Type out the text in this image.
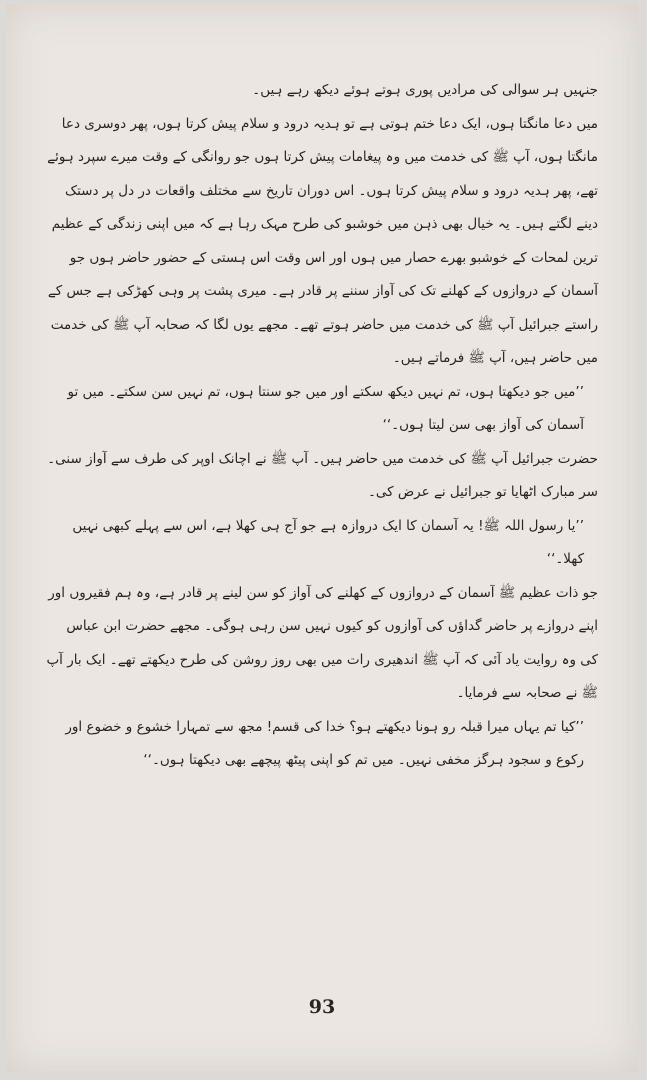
جنہیں ہر سوالی کی مرادیں پوری ہوتے ہوئے دیکھ رہے ہیں۔

میں دعا مانگتا ہوں، ایک دعا ختم ہوتی ہے تو ہدیہ درود و سلام پیش کرتا ہوں، پھر دوسری دعا مانگتا ہوں، آپ ﷺ کی خدمت میں وہ پیغامات پیش کرتا ہوں جو روانگی کے وقت میرے سپرد ہوئے تھے، پھر ہدیہ درود و سلام پیش کرتا ہوں۔ اس دوران تاریخ سے مختلف واقعات در دل پر دستک دینے لگتے ہیں۔ یہ خیال بھی ذہن میں خوشبو کی طرح مہک رہا ہے کہ میں اپنی زندگی کے عظیم ترین لمحات کے خوشبو بھرے حصار میں ہوں اور اس وقت اس ہستی کے حضور حاضر ہوں جو آسمان کے دروازوں کے کھلنے تک کی آواز سننے پر قادر ہے۔ میری پشت پر وہی کھڑکی ہے جس کے راستے جبرائیل آپ ﷺ کی خدمت میں حاضر ہوتے تھے۔ مجھے یوں لگا کہ صحابہ آپ ﷺ کی خدمت میں حاضر ہیں، آپ ﷺ فرماتے ہیں۔

’’میں جو دیکھتا ہوں، تم نہیں دیکھ سکتے اور میں جو سنتا ہوں، تم نہیں سن سکتے۔ میں تو آسمان کی آواز بھی سن لیتا ہوں۔‘‘

حضرت جبرائیل آپ ﷺ کی خدمت میں حاضر ہیں۔ آپ ﷺ نے اچانک اوپر کی طرف سے آواز سنی۔ سر مبارک اٹھایا تو جبرائیل نے عرض کی۔

’’یا رسول اللہ ﷺ! یہ آسمان کا ایک دروازہ ہے جو آج ہی کھلا ہے، اس سے پہلے کبھی نہیں کھلا۔‘‘

جو ذات عظیم ﷺ آسمان کے دروازوں کے کھلنے کی آواز کو سن لینے پر قادر ہے، وہ ہم فقیروں اور اپنے دروازے پر حاضر گداؤں کی آوازوں کو کیوں نہیں سن رہی ہوگی۔ مجھے حضرت ابن عباس کی وہ روایت یاد آئی کہ آپ ﷺ اندھیری رات میں بھی روز روشن کی طرح دیکھتے تھے۔ ایک بار آپ ﷺ نے صحابہ سے فرمایا۔

’’کیا تم یہاں میرا قبلہ رو ہونا دیکھتے ہو؟ خدا کی قسم! مجھ سے تمہارا خشوع و خضوع اور رکوع و سجود ہرگز مخفی نہیں۔ میں تم کو اپنی پیٹھ پیچھے بھی دیکھتا ہوں۔‘‘

93
